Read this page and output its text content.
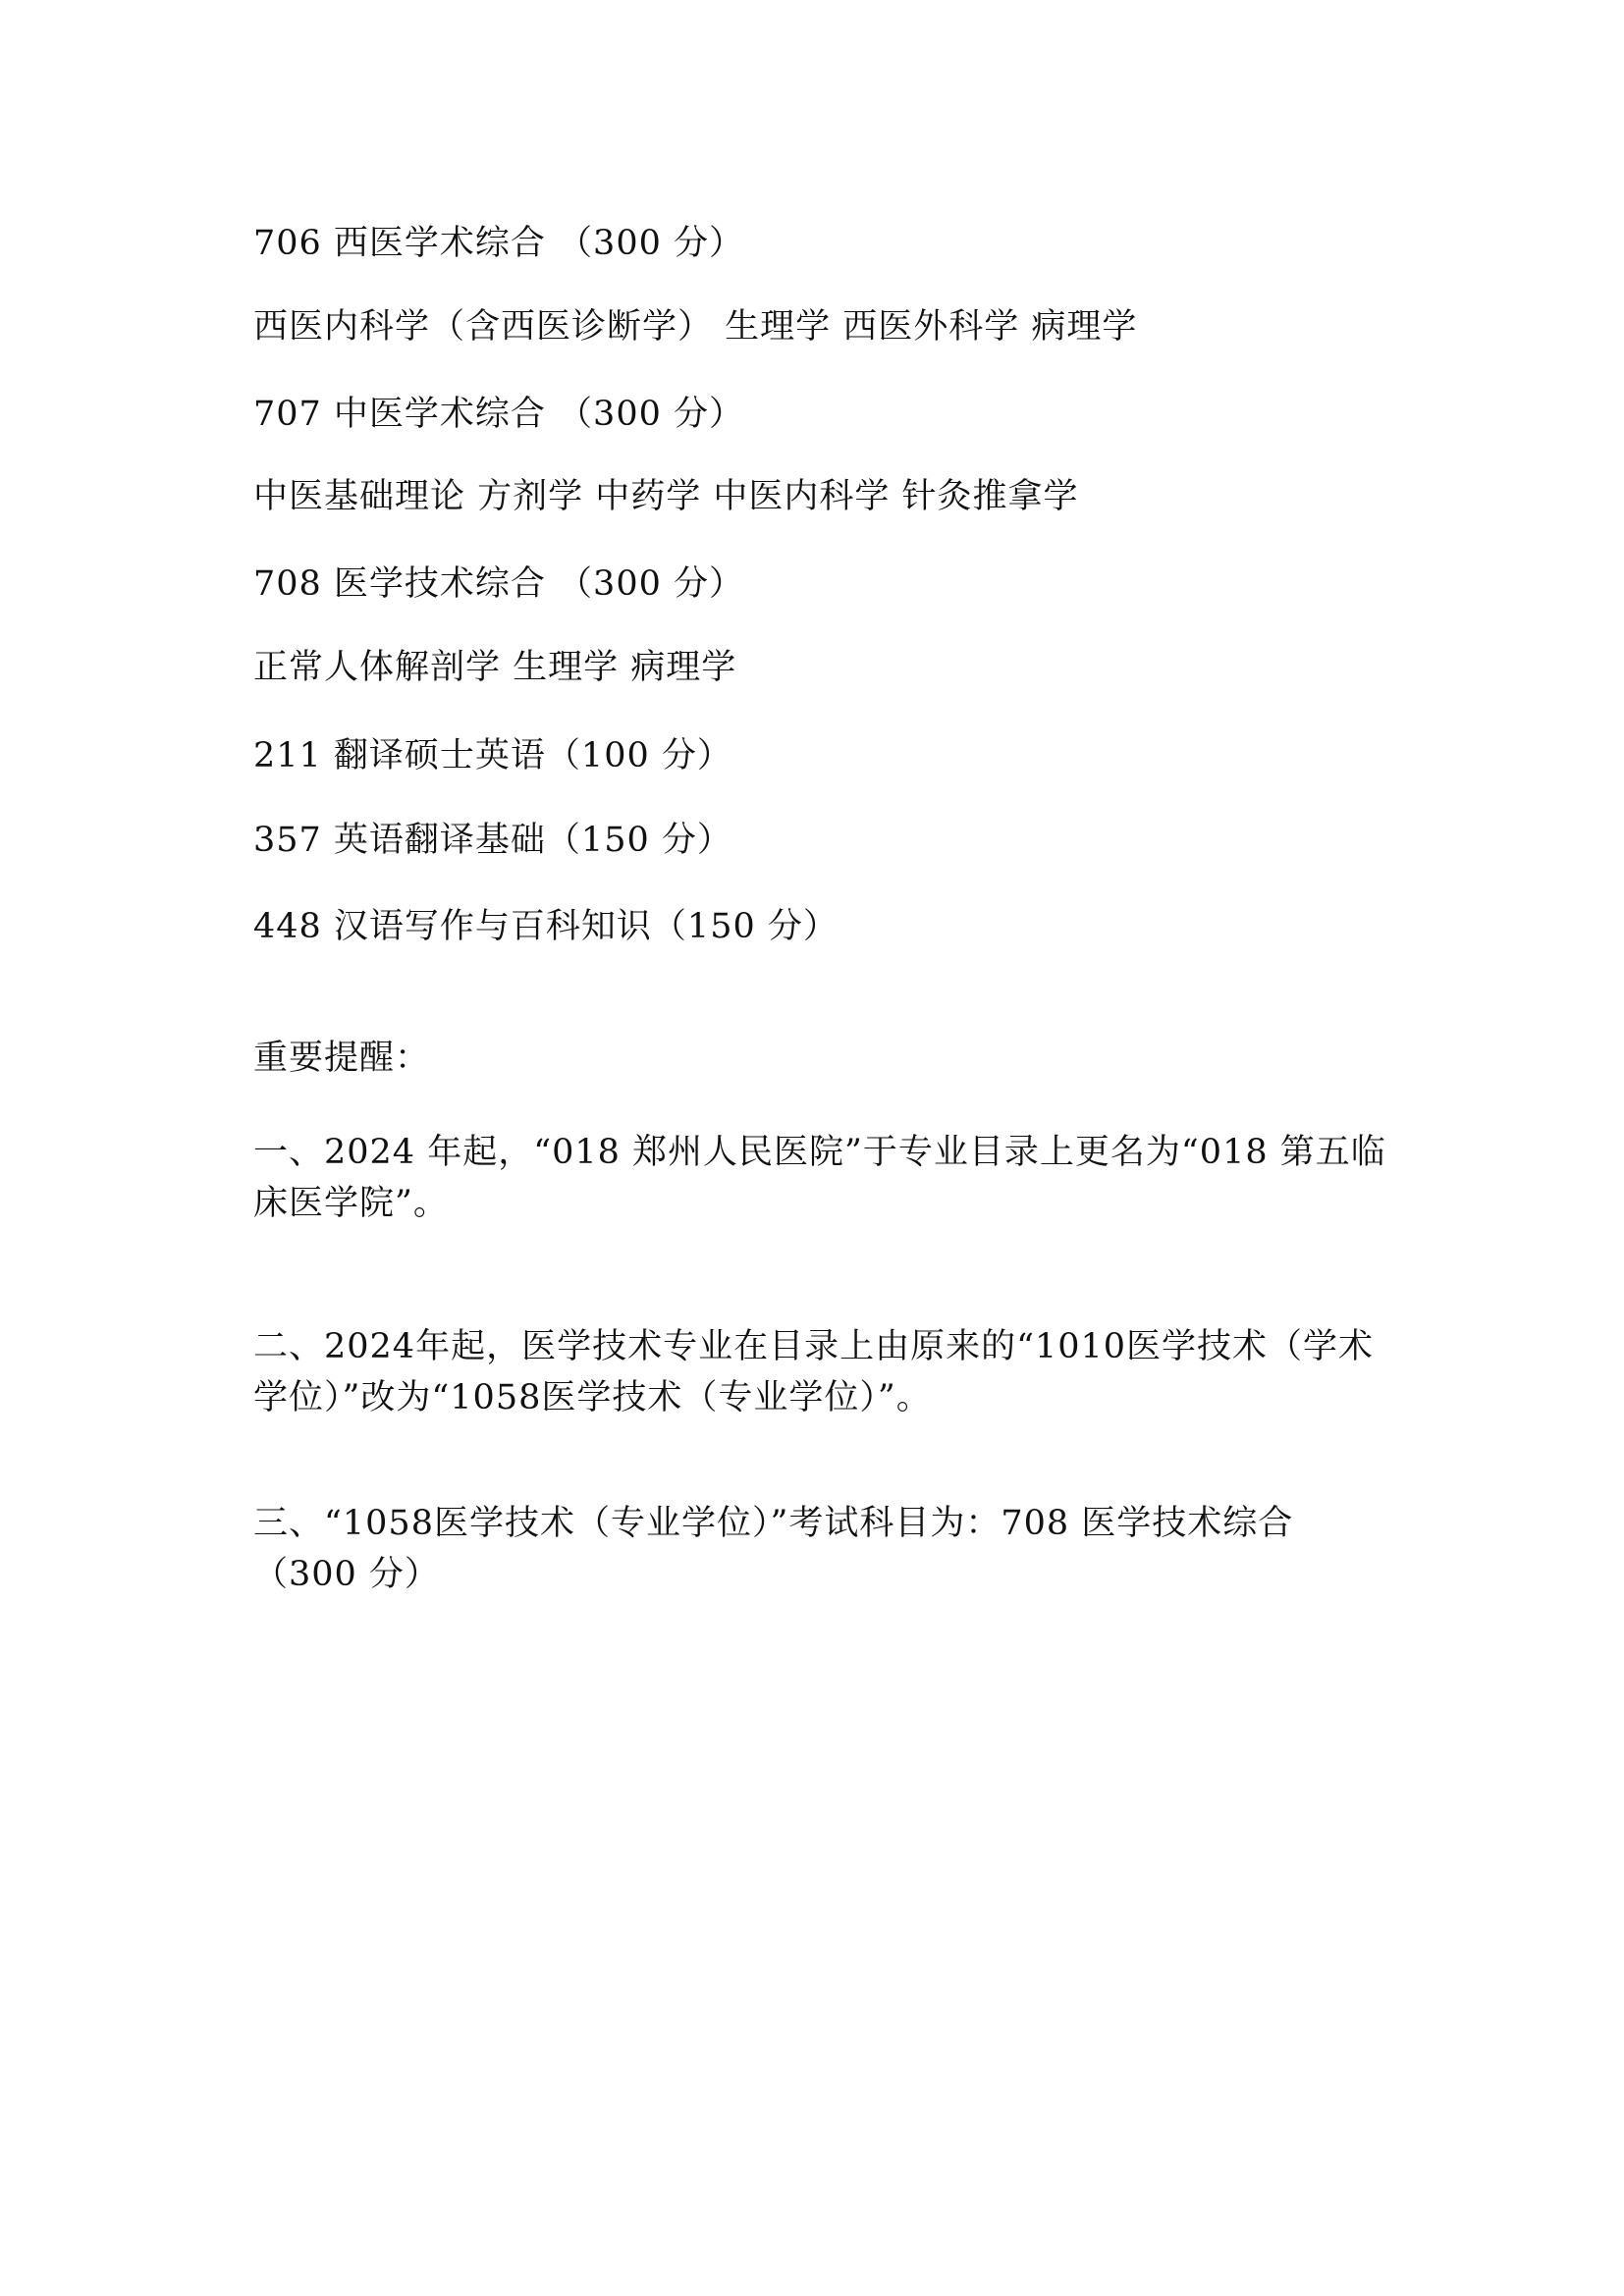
706 西医学术综合 （300 分）
西医内科学（含西医诊断学） 生理学 西医外科学 病理学
707 中医学术综合 （300 分）
中医基础理论 方剂学 中药学 中医内科学 针灸推拿学
708 医学技术综合 （300 分）
正常人体解剖学 生理学 病理学
211 翻译硕士英语（100 分）
357 英语翻译基础（150 分）
448 汉语写作与百科知识（150 分）
重要提醒：
一、2024 年起，“018 郑州人民医院”于专业目录上更名为“018 第五临床医学院”。
二、2024年起，医学技术专业在目录上由原来的“1010医学技术（学术学位）”改为“1058医学技术（专业学位）”。
三、“1058医学技术（专业学位）”考试科目为：708 医学技术综合 （300 分）
